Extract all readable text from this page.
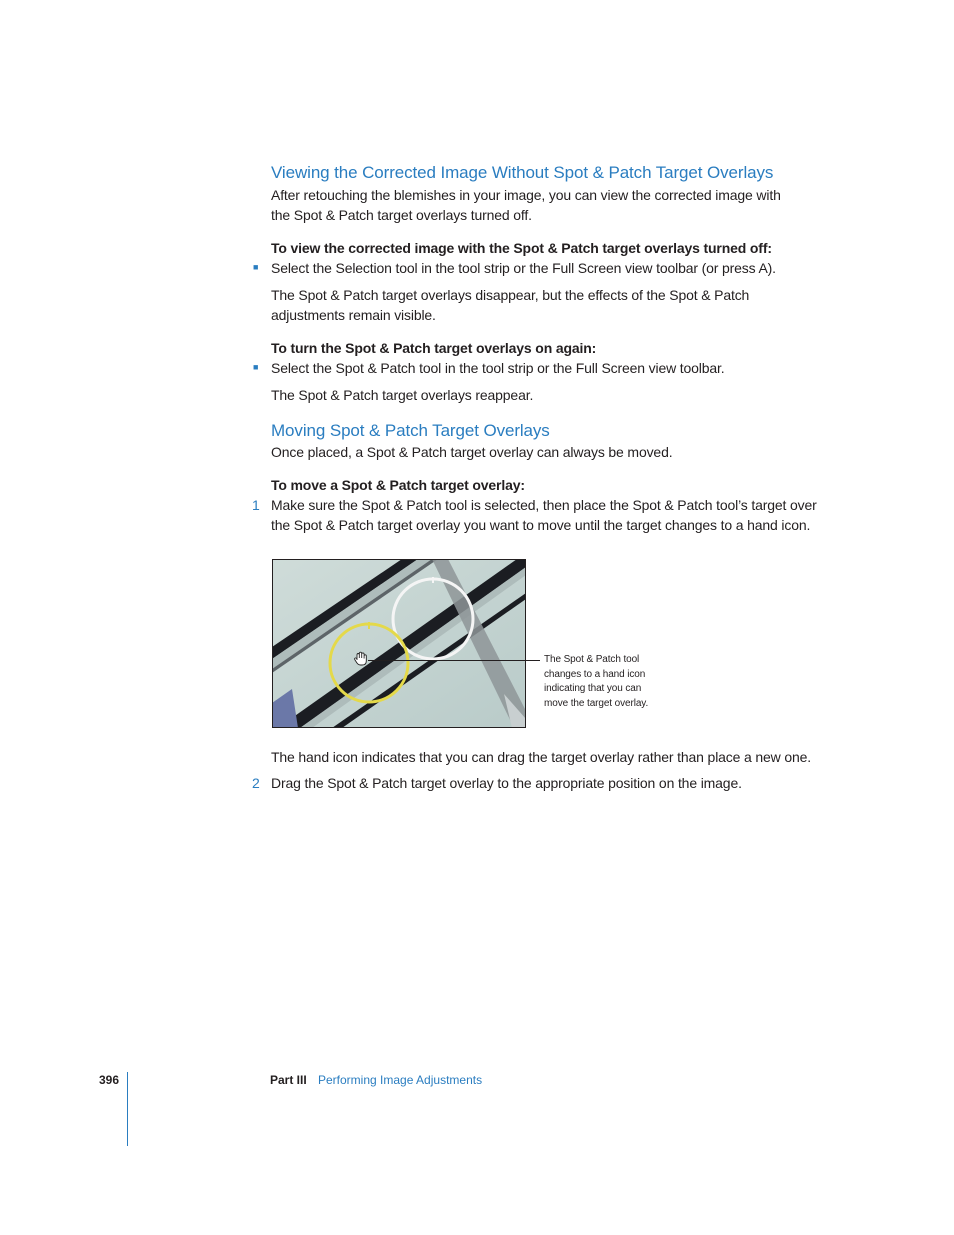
Viewing the Corrected Image Without Spot & Patch Target Overlays
After retouching the blemishes in your image, you can view the corrected image with
the Spot & Patch target overlays turned off.
To view the corrected image with the Spot & Patch target overlays turned off:
■ Select the Selection tool in the tool strip or the Full Screen view toolbar (or press A).
The Spot & Patch target overlays disappear, but the effects of the Spot & Patch
adjustments remain visible.
To turn the Spot & Patch target overlays on again:
■ Select the Spot & Patch tool in the tool strip or the Full Screen view toolbar.
The Spot & Patch target overlays reappear.
Moving Spot & Patch Target Overlays
Once placed, a Spot & Patch target overlay can always be moved.
To move a Spot & Patch target overlay:
1 Make sure the Spot & Patch tool is selected, then place the Spot & Patch tool’s target over
the Spot & Patch target overlay you want to move until the target changes to a hand icon.
The Spot & Patch tool
changes to a hand icon
indicating that you can
move the target overlay.
The hand icon indicates that you can drag the target overlay rather than place a new one.
2 Drag the Spot & Patch target overlay to the appropriate position on the image.
396	Part III Performing Image Adjustments
